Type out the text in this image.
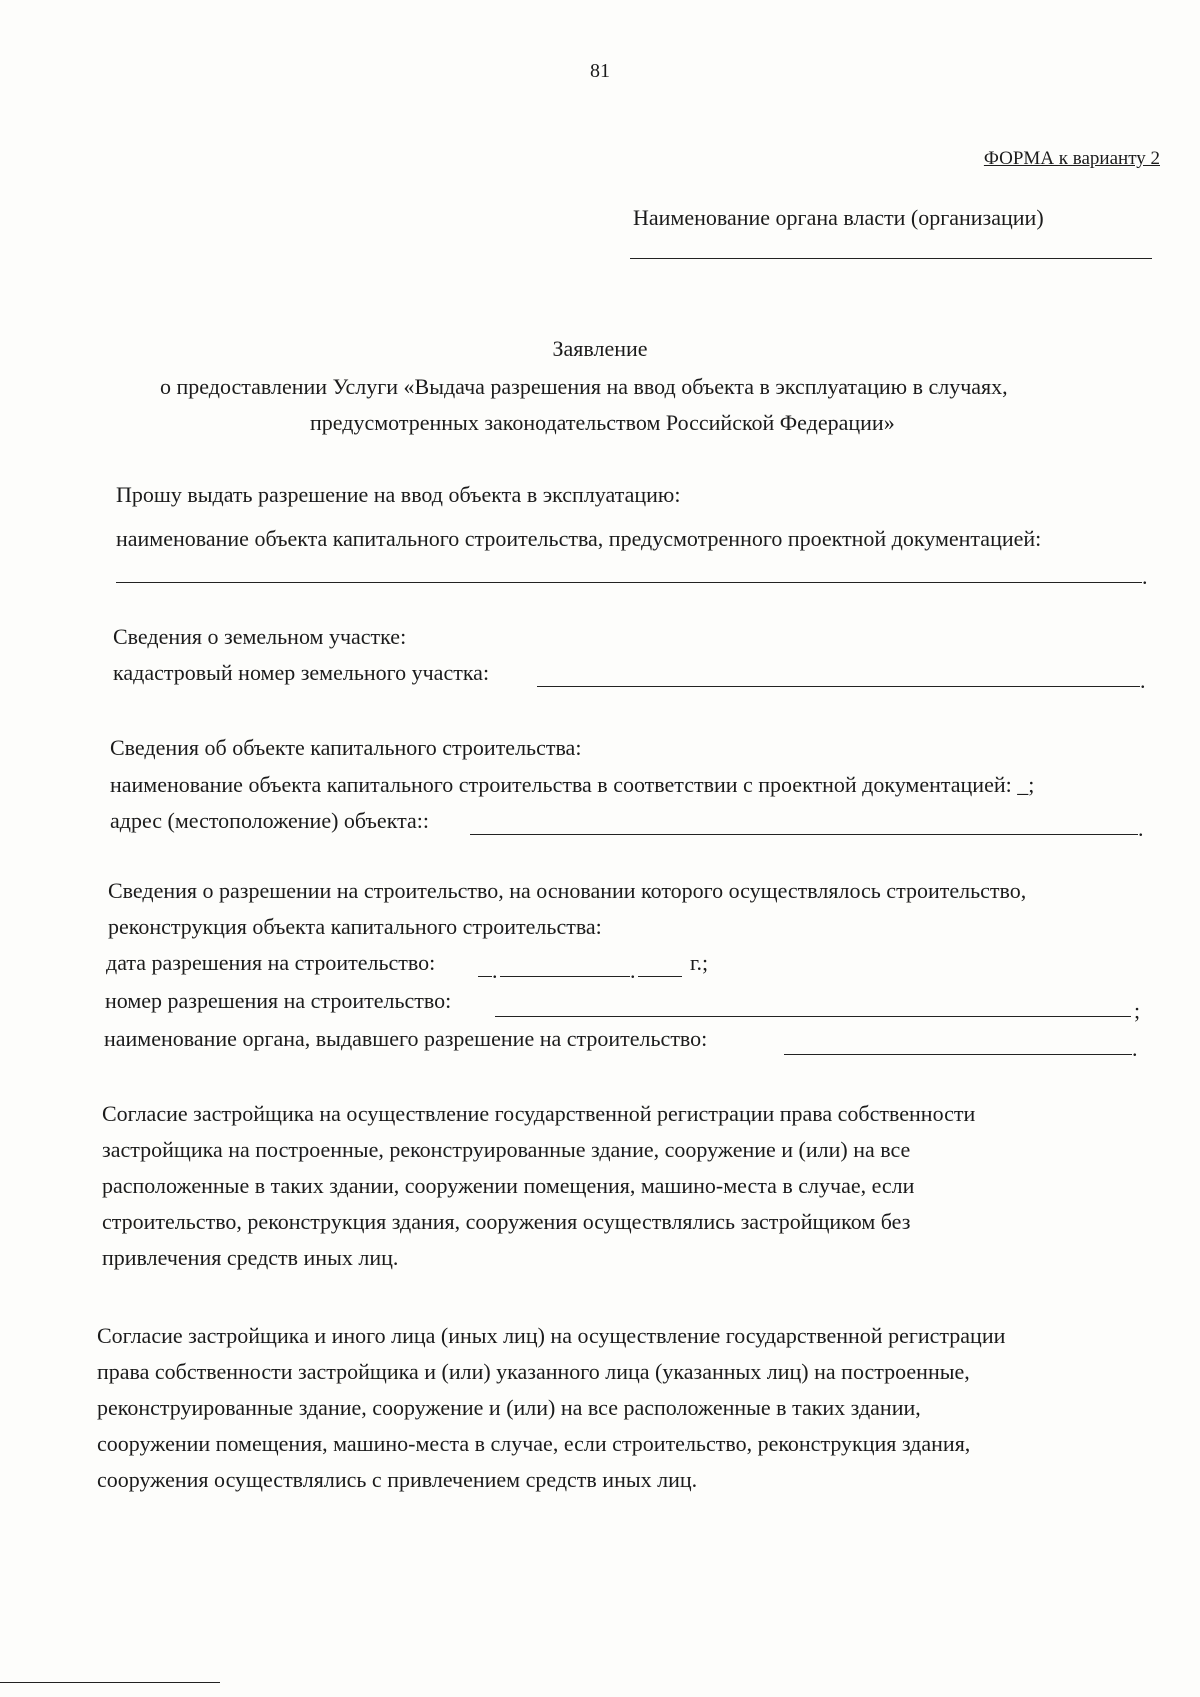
81
ФОРМА к варианту 2
Наименование органа власти (организации)
Заявление
о предоставлении Услуги «Выдача разрешения на ввод объекта в эксплуатацию в случаях,
предусмотренных законодательством Российской Федерации»
Прошу выдать разрешение на ввод объекта в эксплуатацию:
наименование объекта капитального строительства, предусмотренного проектной документацией:
.
Сведения о земельном участке:
кадастровый номер земельного участка:	.
Сведения об объекте капитального строительства:
наименование объекта капитального строительства в соответствии с проектной документацией: _;
адрес (местоположение) объекта::	.
Сведения о разрешении на строительство, на основании которого осуществлялось строительство,
реконструкция объекта капитального строительства:
дата разрешения на строительство:	.	. г.;
номер разрешения на строительство:	;
наименование органа, выдавшего разрешение на строительство:	.

Согласие застройщика на осуществление государственной регистрации права собственности

застройщика на построенные, реконструированные здание, сооружение и (или) на все

расположенные в таких здании, сооружении помещения, машино-места в случае, если

строительство, реконструкция здания, сооружения осуществлялись застройщиком без

привлечения средств иных лиц.

Согласие застройщика и иного лица (иных лиц) на осуществление государственной регистрации

права собственности застройщика и (или) указанного лица (указанных лиц) на построенные,

реконструированные здание, сооружение и (или) на все расположенные в таких здании,

сооружении помещения, машино-места в случае, если строительство, реконструкция здания,

сооружения осуществлялись с привлечением средств иных лиц.
